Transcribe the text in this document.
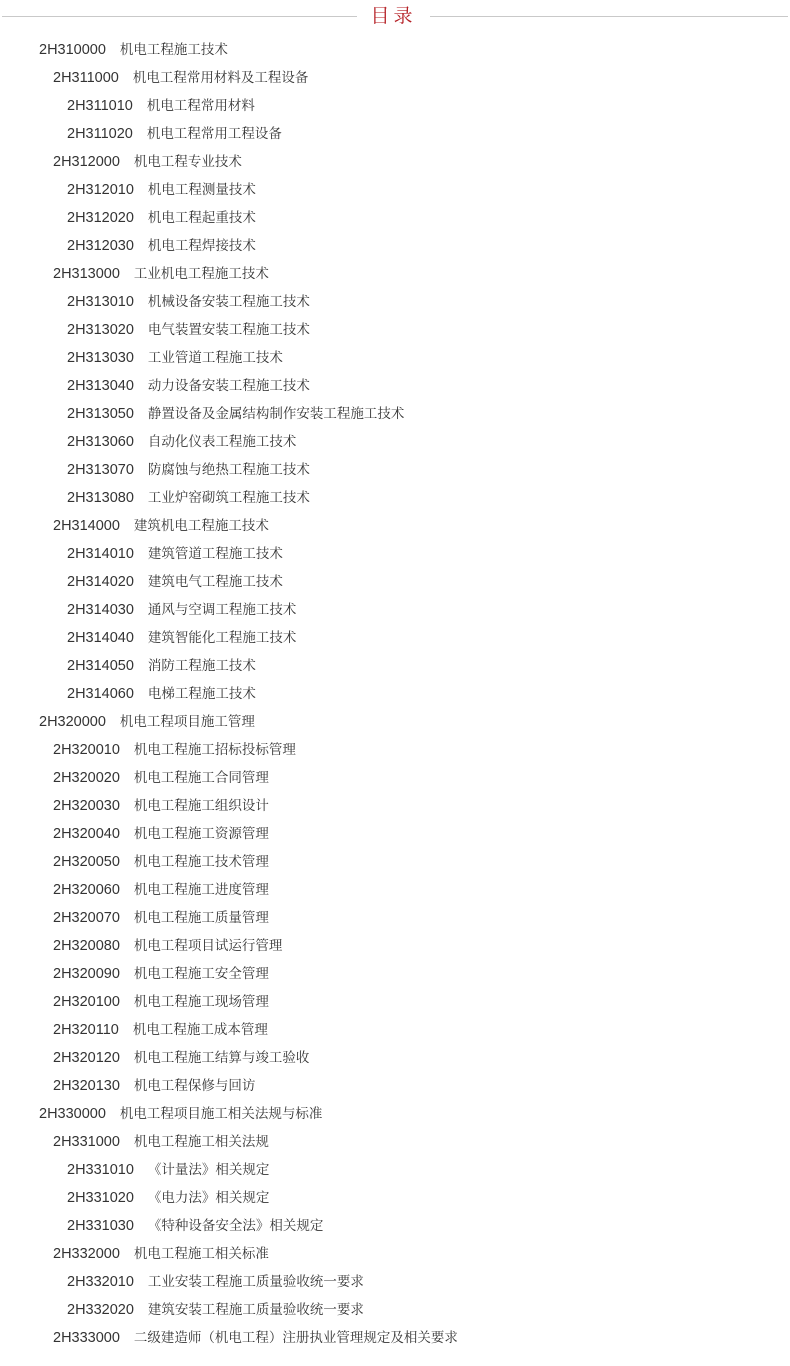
目录
2H310000 机电工程施工技术
2H311000 机电工程常用材料及工程设备
2H311010 机电工程常用材料
2H311020 机电工程常用工程设备
2H312000 机电工程专业技术
2H312010 机电工程测量技术
2H312020 机电工程起重技术
2H312030 机电工程焊接技术
2H313000 工业机电工程施工技术
2H313010 机械设备安装工程施工技术
2H313020 电气装置安装工程施工技术
2H313030 工业管道工程施工技术
2H313040 动力设备安装工程施工技术
2H313050 静置设备及金属结构制作安装工程施工技术
2H313060 自动化仪表工程施工技术
2H313070 防腐蚀与绝热工程施工技术
2H313080 工业炉窑砌筑工程施工技术
2H314000 建筑机电工程施工技术
2H314010 建筑管道工程施工技术
2H314020 建筑电气工程施工技术
2H314030 通风与空调工程施工技术
2H314040 建筑智能化工程施工技术
2H314050 消防工程施工技术
2H314060 电梯工程施工技术
2H320000 机电工程项目施工管理
2H320010 机电工程施工招标投标管理
2H320020 机电工程施工合同管理
2H320030 机电工程施工组织设计
2H320040 机电工程施工资源管理
2H320050 机电工程施工技术管理
2H320060 机电工程施工进度管理
2H320070 机电工程施工质量管理
2H320080 机电工程项目试运行管理
2H320090 机电工程施工安全管理
2H320100 机电工程施工现场管理
2H320110 机电工程施工成本管理
2H320120 机电工程施工结算与竣工验收
2H320130 机电工程保修与回访
2H330000 机电工程项目施工相关法规与标准
2H331000 机电工程施工相关法规
2H331010 《计量法》相关规定
2H331020 《电力法》相关规定
2H331030 《特种设备安全法》相关规定
2H332000 机电工程施工相关标准
2H332010 工业安装工程施工质量验收统一要求
2H332020 建筑安装工程施工质量验收统一要求
2H333000 二级建造师（机电工程）注册执业管理规定及相关要求
